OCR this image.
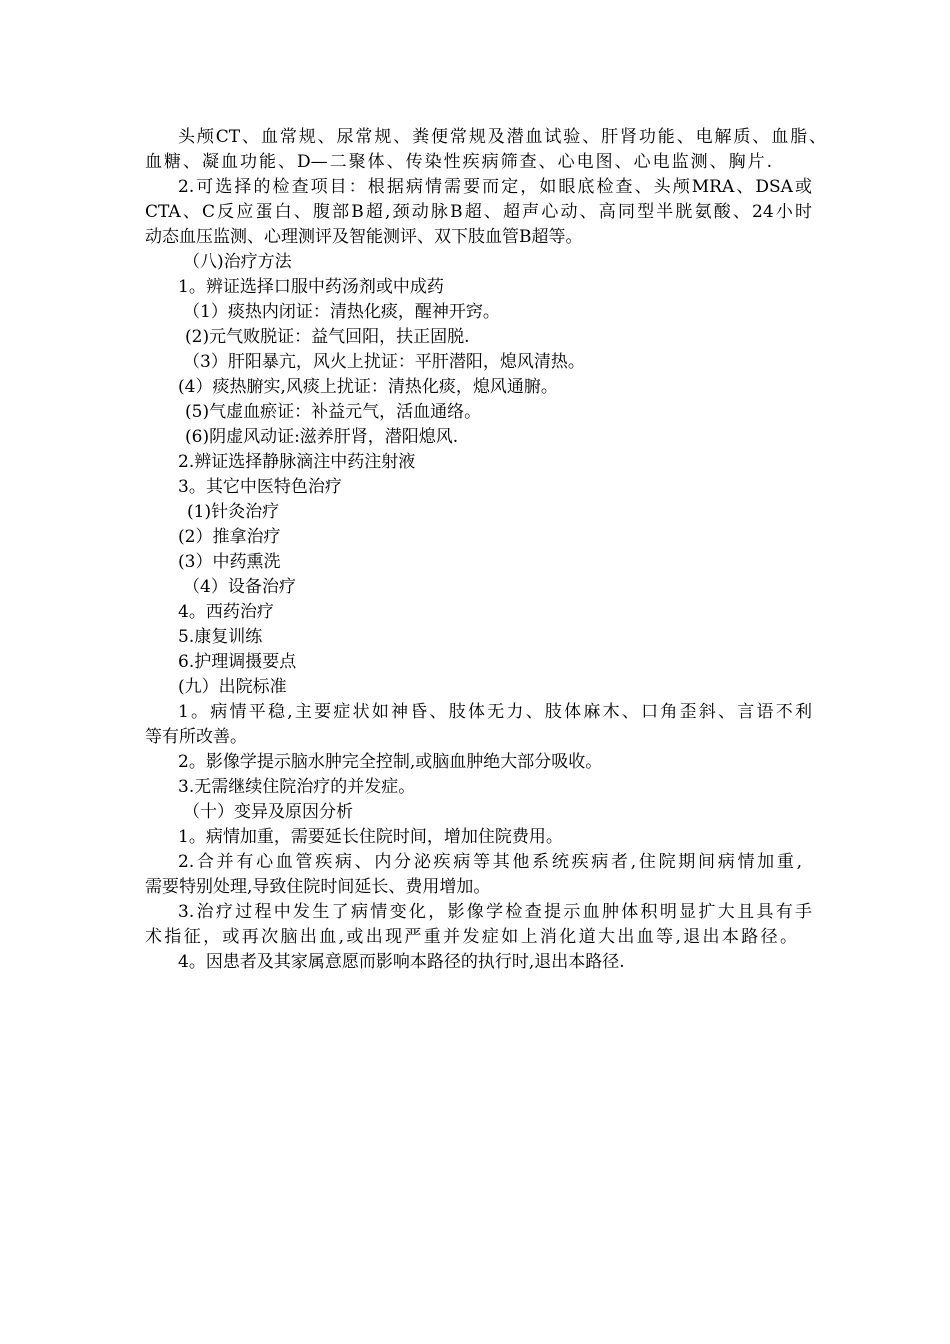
头颅CT、血常规、尿常规、粪便常规及潜血试验、肝肾功能、电解质、血脂、

血糖、凝血功能、D—二聚体、传染性疾病筛查、心电图、心电监测、胸片.

2.可选择的检查项目：根据病情需要而定，如眼底检查、头颅MRA、DSA或

CTA、C反应蛋白、腹部B超,颈动脉B超、超声心动、高同型半胱氨酸、24小时

动态血压监测、心理测评及智能测评、双下肢血管B超等。

（八)治疗方法

1。辨证选择口服中药汤剂或中成药

（1）痰热内闭证：清热化痰，醒神开窍。

(2)元气败脱证：益气回阳，扶正固脱.

（3）肝阳暴亢，风火上扰证：平肝潜阳，熄风清热。

(4）痰热腑实,风痰上扰证：清热化痰，熄风通腑。

(5)气虚血瘀证：补益元气，活血通络。

(6)阴虚风动证:滋养肝肾，潜阳熄风.

2.辨证选择静脉滴注中药注射液

3。其它中医特色治疗

(1)针灸治疗

(2）推拿治疗

(3）中药熏洗

（4）设备治疗

4。西药治疗

5.康复训练

6.护理调摄要点

(九）出院标准

1。病情平稳,主要症状如神昏、肢体无力、肢体麻木、口角歪斜、言语不利

等有所改善。

2。影像学提示脑水肿完全控制,或脑血肿绝大部分吸收。

3.无需继续住院治疗的并发症。

（十）变异及原因分析

1。病情加重，需要延长住院时间，增加住院费用。

2.合并有心血管疾病、内分泌疾病等其他系统疾病者,住院期间病情加重,

需要特别处理,导致住院时间延长、费用增加。

3.治疗过程中发生了病情变化，影像学检查提示血肿体积明显扩大且具有手

术指征，或再次脑出血,或出现严重并发症如上消化道大出血等,退出本路径。

4。因患者及其家属意愿而影响本路径的执行时,退出本路径.
